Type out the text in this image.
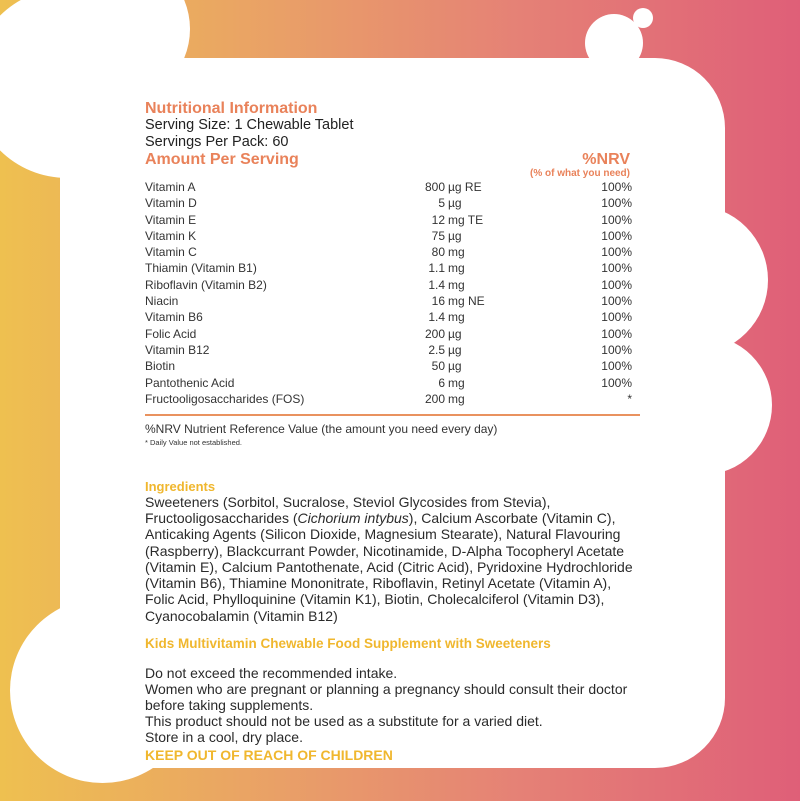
Nutritional Information
Serving Size: 1 Chewable Tablet
Servings Per Pack: 60
Amount Per Serving	%NRV
(% of what you need)
Vitamin A	800 µg RE	100%
Vitamin D	5 µg	100%
Vitamin E	12 mg TE	100%
Vitamin K	75 µg	100%
Vitamin C	80 mg	100%
Thiamin (Vitamin B1)	1.1 mg	100%
Riboflavin (Vitamin B2)	1.4 mg	100%
Niacin	16 mg NE	100%
Vitamin B6	1.4 mg	100%
Folic Acid	200 µg	100%
Vitamin B12	2.5 µg	100%
Biotin	50 µg	100%
Pantothenic Acid	6 mg	100%
Fructooligosaccharides (FOS)	200 mg	*
%NRV Nutrient Reference Value (the amount you need every day)
* Daily Value not established.
Ingredients
Sweeteners (Sorbitol, Sucralose, Steviol Glycosides from Stevia), Fructooligosaccharides (Cichorium intybus), Calcium Ascorbate (Vitamin C), Anticaking Agents (Silicon Dioxide, Magnesium Stearate), Natural Flavouring (Raspberry), Blackcurrant Powder, Nicotinamide, D-Alpha Tocopheryl Acetate (Vitamin E), Calcium Pantothenate, Acid (Citric Acid), Pyridoxine Hydrochloride (Vitamin B6), Thiamine Mononitrate, Riboflavin, Retinyl Acetate (Vitamin A), Folic Acid, Phylloquinine (Vitamin K1), Biotin, Cholecalciferol (Vitamin D3), Cyanocobalamin (Vitamin B12)
Kids Multivitamin Chewable Food Supplement with Sweeteners
Do not exceed the recommended intake.
Women who are pregnant or planning a pregnancy should consult their doctor before taking supplements.
This product should not be used as a substitute for a varied diet.
Store in a cool, dry place.
KEEP OUT OF REACH OF CHILDREN
